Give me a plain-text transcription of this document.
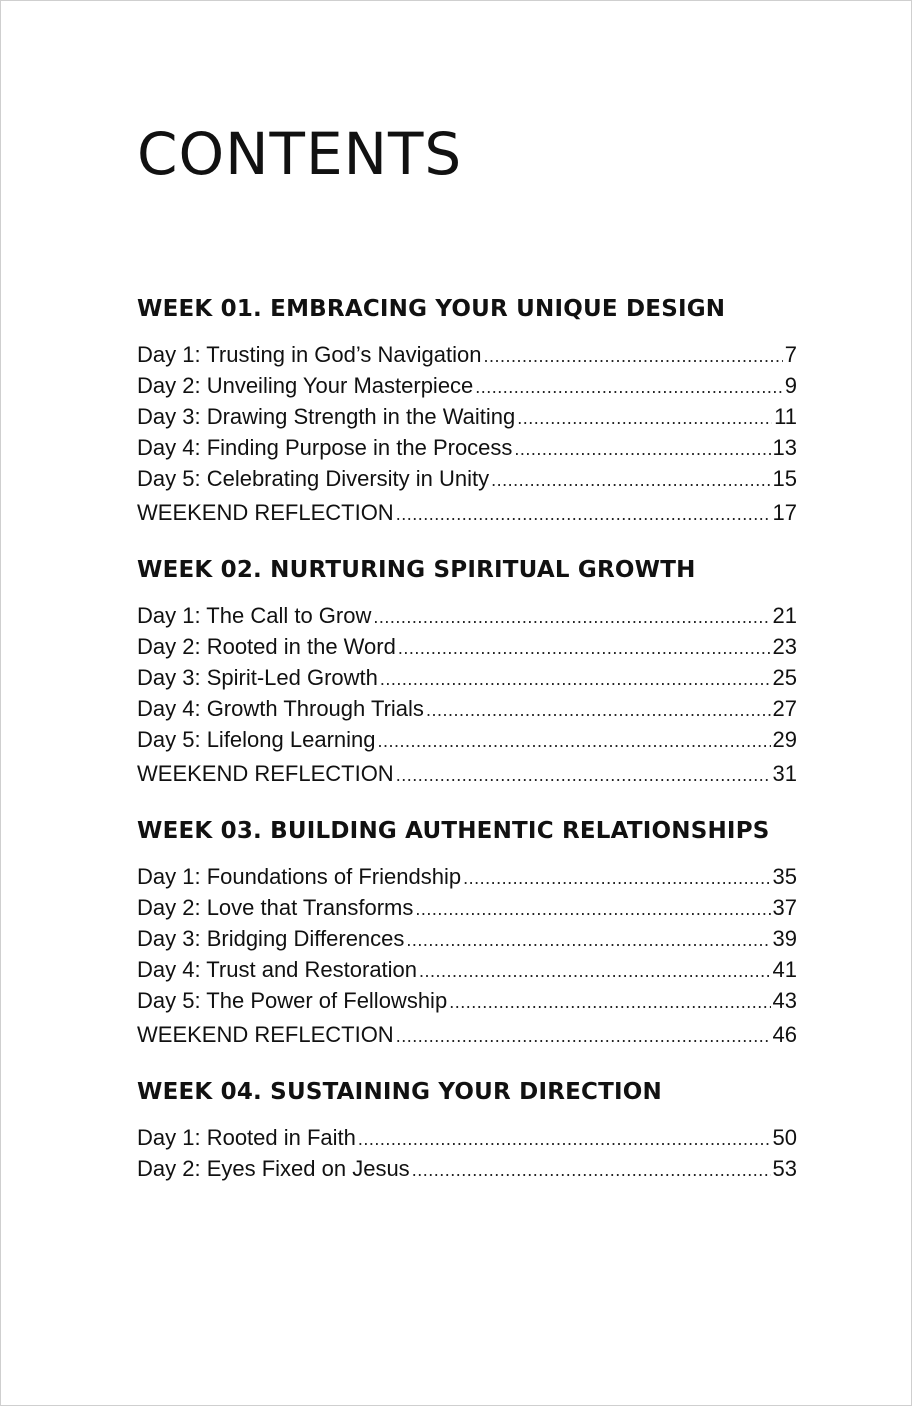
CONTENTS
WEEK 01. EMBRACING YOUR UNIQUE DESIGN
Day 1: Trusting in God’s Navigation .....	7
Day 2: Unveiling Your Masterpiece .....	9
Day 3: Drawing Strength in the Waiting .....	11
Day 4: Finding Purpose in the Process .....	13
Day 5: Celebrating Diversity in Unity .....	15
WEEKEND REFLECTION .....	17
WEEK 02. NURTURING SPIRITUAL GROWTH
Day 1: The Call to Grow .....	21
Day 2: Rooted in the Word .....	23
Day 3: Spirit-Led Growth .....	25
Day 4: Growth Through Trials .....	27
Day 5: Lifelong Learning .....	29
WEEKEND REFLECTION .....	31
WEEK 03. BUILDING AUTHENTIC RELATIONSHIPS
Day 1: Foundations of Friendship .....	35
Day 2: Love that Transforms .....	37
Day 3: Bridging Differences .....	39
Day 4: Trust and Restoration .....	41
Day 5: The Power of Fellowship .....	43
WEEKEND REFLECTION .....	46
WEEK 04. SUSTAINING YOUR DIRECTION
Day 1: Rooted in Faith .....	50
Day 2: Eyes Fixed on Jesus .....	53
